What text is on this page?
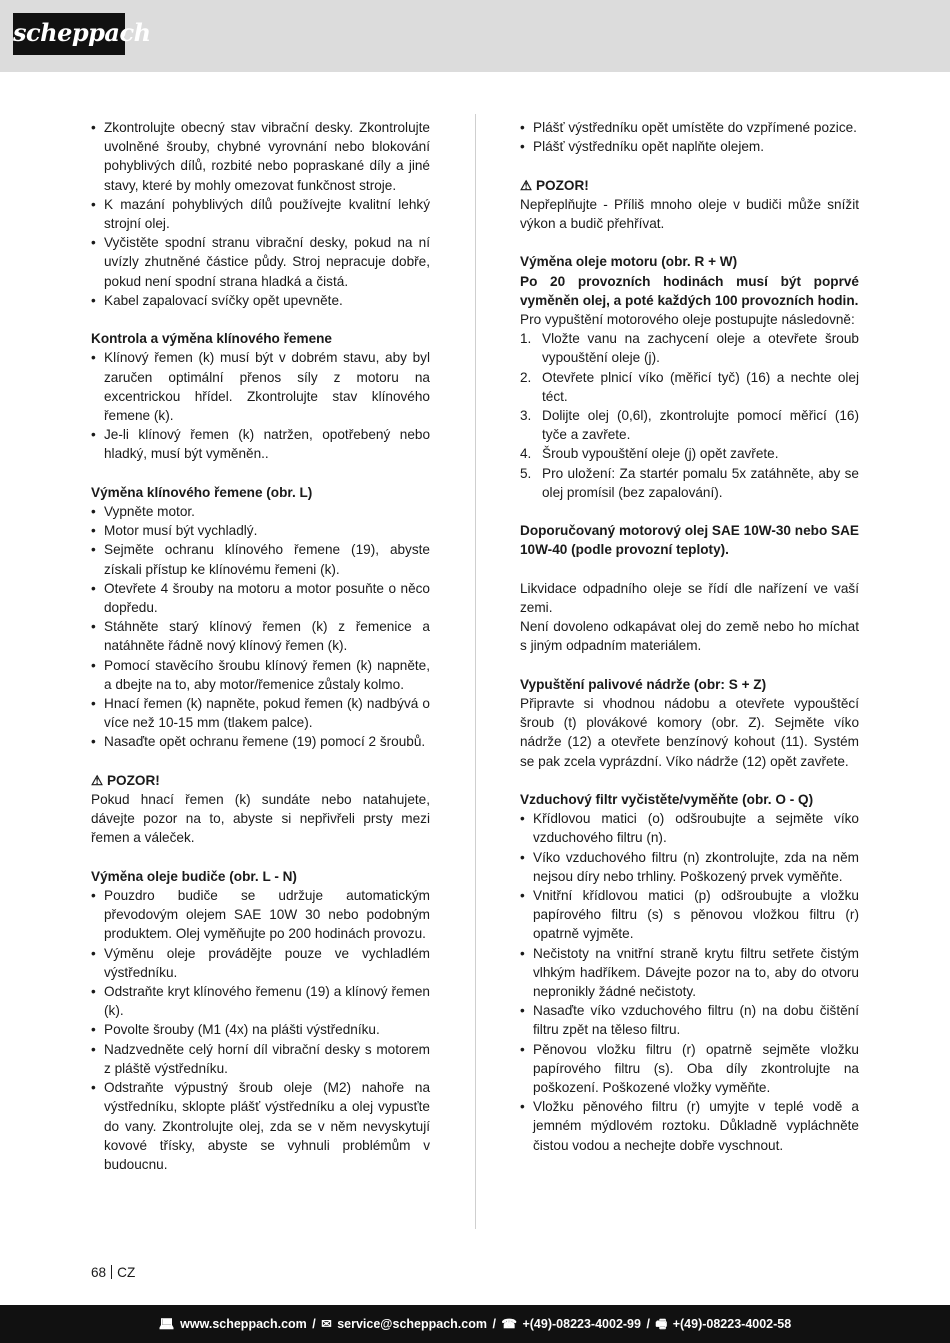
scheppach
• Zkontrolujte obecný stav vibrační desky. Zkontrolujte uvolněné šrouby, chybné vyrovnání nebo blokování pohyblivých dílů, rozbité nebo popraskané díly a jiné stavy, které by mohly omezovat funkčnost stroje.
• K mazání pohyblivých dílů používejte kvalitní lehký strojní olej.
• Vyčistěte spodní stranu vibrační desky, pokud na ní uvízly zhutněné částice půdy. Stroj nepracuje dobře, pokud není spodní strana hladká a čistá.
• Kabel zapalovací svíčky opět upevněte.
Kontrola a výměna klínového řemene
• Klínový řemen (k) musí být v dobrém stavu, aby byl zaručen optimální přenos síly z motoru na excentrickou hřídel. Zkontrolujte stav klínového řemene (k).
• Je-li klínový řemen (k) natržen, opotřebený nebo hladký, musí být vyměněn..
Výměna klínového řemene (obr. L)
• Vypněte motor.
• Motor musí být vychladlý.
• Sejměte ochranu klínového řemene (19), abyste získali přístup ke klínovému řemeni (k).
• Otevřete 4 šrouby na motoru a motor posuňte o něco dopředu.
• Stáhněte starý klínový řemen (k) z řemenice a natáhněte řádně nový klínový řemen (k).
• Pomocí stavěcího šroubu klínový řemen (k) napněte, a dbejte na to, aby motor/řemenice zůstaly kolmo.
• Hnací řemen (k) napněte, pokud řemen (k) nadbývá o více než 10-15 mm (tlakem palce).
• Nasaďte opět ochranu řemene (19) pomocí 2 šroubů.
⚠ POZOR!

Pokud hnací řemen (k) sundáte nebo natahujete, dávejte pozor na to, abyste si nepřivřeli prsty mezi řemen a váleček.

Výměna oleje budiče (obr. L - N)
• Pouzdro budiče se udržuje automatickým převodovým olejem SAE 10W 30 nebo podobným produktem. Olej vyměňujte po 200 hodinách provozu.
• Výměnu oleje provádějte pouze ve vychladlém výstředníku.
• Odstraňte kryt klínového řemenu (19) a klínový řemen (k).
• Povolte šrouby (M1 (4x) na plášti výstředníku.
• Nadzvedněte celý horní díl vibrační desky s motorem z pláště výstředníku.
• Odstraňte výpustný šroub oleje (M2) nahoře na výstředníku, sklopte plášť výstředníku a olej vypusťte do vany. Zkontrolujte olej, zda se v něm nevyskytují kovové třísky, abyste se vyhnuli problémům v budoucnu.
• Plášť výstředníku opět umístěte do vzpřímené pozice.
• Plášť výstředníku opět naplňte olejem.
⚠ POZOR!

Nepřeplňujte - Příliš mnoho oleje v budiči může snížit výkon a budič přehřívat.

Výměna oleje motoru (obr. R + W)

Po 20 provozních hodinách musí být poprvé vyměněn olej, a poté každých 100 provozních hodin.

Pro vypuštění motorového oleje postupujte následovně:

1. Vložte vanu na zachycení oleje a otevřete šroub vypouštění oleje (j).
2. Otevřete plnicí víko (měřicí tyč) (16) a nechte olej téct.
3. Dolijte olej (0,6l), zkontrolujte pomocí měřicí (16) tyče a zavřete.
4. Šroub vypouštění oleje (j) opět zavřete.
5. Pro uložení: Za startér pomalu 5x zatáhněte, aby se olej promísil (bez zapalování).

Doporučovaný motorový olej SAE 10W-30 nebo SAE 10W-40 (podle provozní teploty).

Likvidace odpadního oleje se řídí dle nařízení ve vaší zemi.

Není dovoleno odkapávat olej do země nebo ho míchat s jiným odpadním materiálem.

Vypuštění palivové nádrže (obr: S + Z)

Připravte si vhodnou nádobu a otevřete vypouštěcí šroub (t) plovákové komory (obr. Z). Sejměte víko nádrže (12) a otevřete benzínový kohout (11). Systém se pak zcela vyprázdní. Víko nádrže (12) opět zavřete.

Vzduchový filtr vyčistěte/vyměňte (obr. O - Q)
• Křídlovou matici (o) odšroubujte a sejměte víko vzduchového filtru (n).
• Víko vzduchového filtru (n) zkontrolujte, zda na něm nejsou díry nebo trhliny. Poškozený prvek vyměňte.
• Vnitřní křídlovou matici (p) odšroubujte a vložku papírového filtru (s) s pěnovou vložkou filtru (r) opatrně vyjměte.
• Nečistoty na vnitřní straně krytu filtru setřete čistým vlhkým hadříkem. Dávejte pozor na to, aby do otvoru nepronikly žádné nečistoty.
• Nasaďte víko vzduchového filtru (n) na dobu čištění filtru zpět na těleso filtru.
• Pěnovou vložku filtru (r) opatrně sejměte vložku papírového filtru (s). Oba díly zkontrolujte na poškození. Poškozené vložky vyměňte.
• Vložku pěnového filtru (r) umyjte v teplé vodě a jemném mýdlovém roztoku. Důkladně vypláchněte čistou vodou a nechejte dobře vyschnout.
68 CZ
💻︎ www.scheppach.com / ✉ service@scheppach.com / ☎ +(49)-08223-4002-99 / 🖷︎ +(49)-08223-4002-58
